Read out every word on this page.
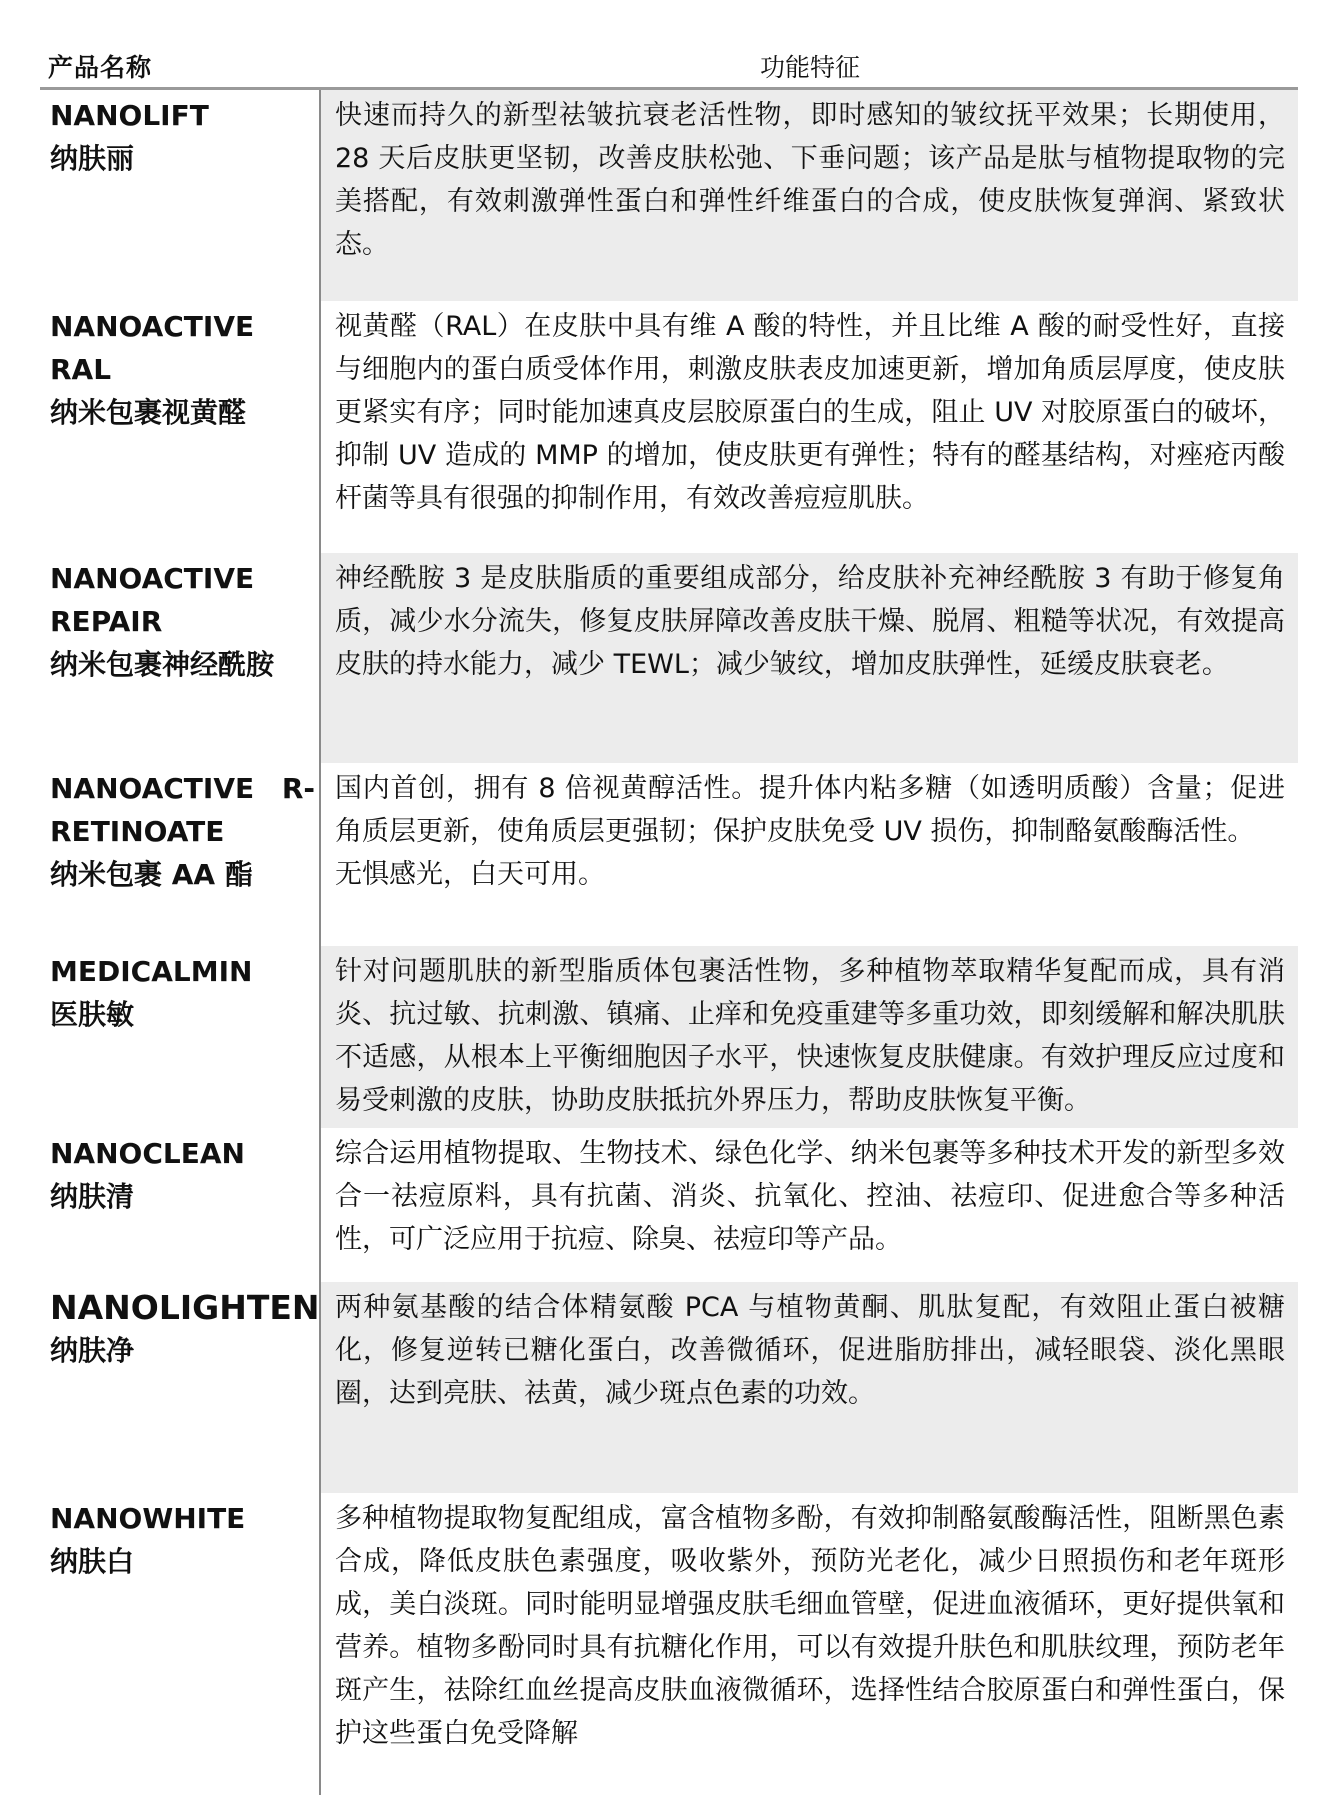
产品名称	功能特征
NANOLIFT
纳肤丽
快速而持久的新型祛皱抗衰老活性物，即时感知的皱纹抚平效果；长期使用，28 天后皮肤更坚韧，改善皮肤松弛、下垂问题；该产品是肽与植物提取物的完美搭配，有效刺激弹性蛋白和弹性纤维蛋白的合成，使皮肤恢复弹润、紧致状态。
NANOACTIVE
RAL
纳米包裹视黄醛
视黄醛（RAL）在皮肤中具有维 A 酸的特性，并且比维 A 酸的耐受性好，直接与细胞内的蛋白质受体作用，刺激皮肤表皮加速更新，增加角质层厚度，使皮肤更紧实有序；同时能加速真皮层胶原蛋白的生成，阻止 UV 对胶原蛋白的破坏，抑制 UV 造成的 MMP 的增加，使皮肤更有弹性；特有的醛基结构，对痤疮丙酸杆菌等具有很强的抑制作用，有效改善痘痘肌肤。
NANOACTIVE
REPAIR
纳米包裹神经酰胺
神经酰胺 3 是皮肤脂质的重要组成部分，给皮肤补充神经酰胺 3 有助于修复角质，减少水分流失，修复皮肤屏障改善皮肤干燥、脱屑、粗糙等状况，有效提高皮肤的持水能力，减少 TEWL；减少皱纹，增加皮肤弹性，延缓皮肤衰老。
NANOACTIVE R-
RETINOATE
纳米包裹 AA 酯
国内首创，拥有 8 倍视黄醇活性。提升体内粘多糖（如透明质酸）含量；促进角质层更新，使角质层更强韧；保护皮肤免受 UV 损伤，抑制酪氨酸酶活性。
无惧感光，白天可用。
MEDICALMIN
医肤敏
针对问题肌肤的新型脂质体包裹活性物，多种植物萃取精华复配而成，具有消炎、抗过敏、抗刺激、镇痛、止痒和免疫重建等多重功效，即刻缓解和解决肌肤不适感，从根本上平衡细胞因子水平，快速恢复皮肤健康。有效护理反应过度和易受刺激的皮肤，协助皮肤抵抗外界压力，帮助皮肤恢复平衡。
NANOCLEAN
纳肤清
综合运用植物提取、生物技术、绿色化学、纳米包裹等多种技术开发的新型多效合一祛痘原料，具有抗菌、消炎、抗氧化、控油、祛痘印、促进愈合等多种活性，可广泛应用于抗痘、除臭、祛痘印等产品。
NANOLIGHTEN
纳肤净
两种氨基酸的结合体精氨酸 PCA 与植物黄酮、肌肽复配，有效阻止蛋白被糖化，修复逆转已糖化蛋白，改善微循环，促进脂肪排出，减轻眼袋、淡化黑眼圈，达到亮肤、祛黄，减少斑点色素的功效。
NANOWHITE
纳肤白
多种植物提取物复配组成，富含植物多酚，有效抑制酪氨酸酶活性，阻断黑色素合成，降低皮肤色素强度，吸收紫外，预防光老化，减少日照损伤和老年斑形成，美白淡斑。同时能明显增强皮肤毛细血管壁，促进血液循环，更好提供氧和营养。植物多酚同时具有抗糖化作用，可以有效提升肤色和肌肤纹理，预防老年斑产生，祛除红血丝提高皮肤血液微循环，选择性结合胶原蛋白和弹性蛋白，保护这些蛋白免受降解
